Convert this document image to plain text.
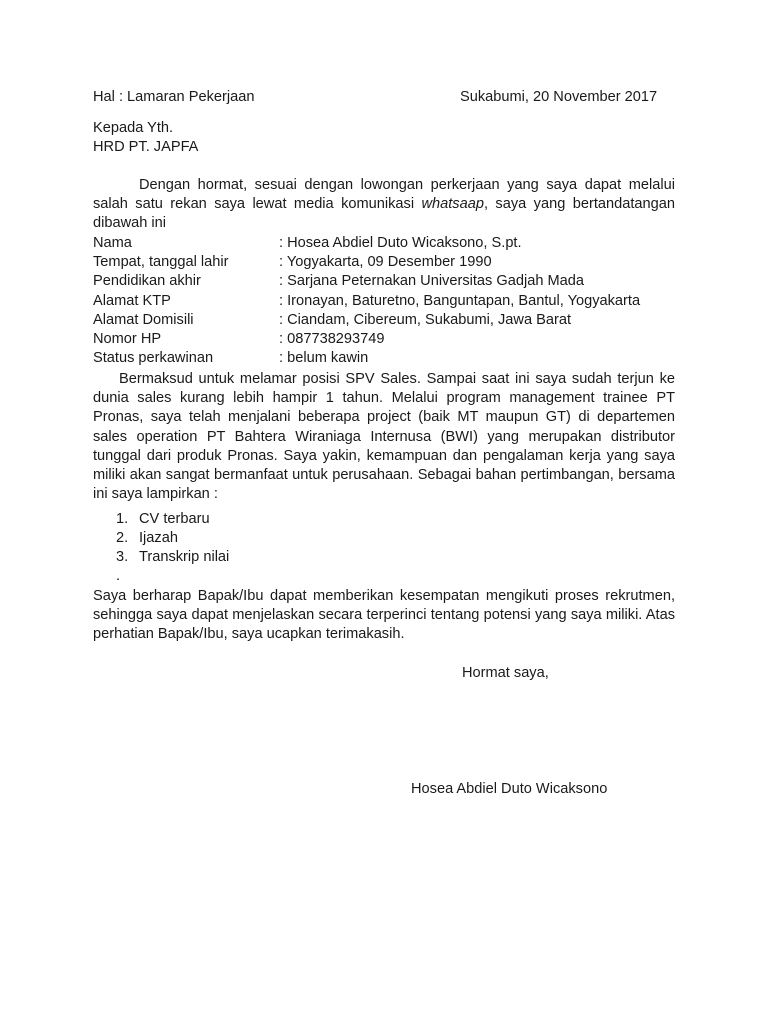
Hal : Lamaran Pekerjaan	Sukabumi, 20 November 2017
Kepada Yth.
HRD PT. JAPFA
Dengan hormat, sesuai dengan lowongan perkerjaan yang saya dapat melalui salah satu rekan saya lewat media komunikasi whatsaap, saya yang bertandatangan dibawah ini
Nama	: Hosea Abdiel Duto Wicaksono, S.pt.
Tempat, tanggal lahir	: Yogyakarta, 09 Desember 1990
Pendidikan akhir	: Sarjana Peternakan Universitas Gadjah Mada
Alamat KTP	: Ironayan, Baturetno, Banguntapan, Bantul, Yogyakarta
Alamat Domisili	: Ciandam, Cibereum, Sukabumi, Jawa Barat
Nomor HP	: 087738293749
Status perkawinan	: belum kawin
Bermaksud untuk melamar posisi SPV Sales. Sampai saat ini saya sudah terjun ke dunia sales kurang lebih hampir 1 tahun. Melalui program management trainee PT Pronas, saya telah menjalani beberapa project (baik MT maupun GT) di departemen sales operation PT Bahtera Wiraniaga Internusa (BWI) yang merupakan distributor tunggal dari produk Pronas. Saya yakin, kemampuan dan pengalaman kerja yang saya miliki akan sangat bermanfaat untuk perusahaan. Sebagai bahan pertimbangan, bersama ini saya lampirkan :
1. CV terbaru
2. Ijazah
3. Transkrip nilai
.
Saya berharap Bapak/Ibu dapat memberikan kesempatan mengikuti proses rekrutmen, sehingga saya dapat menjelaskan secara terperinci tentang potensi yang saya miliki. Atas perhatian Bapak/Ibu, saya ucapkan terimakasih.
Hormat saya,
Hosea Abdiel Duto Wicaksono
